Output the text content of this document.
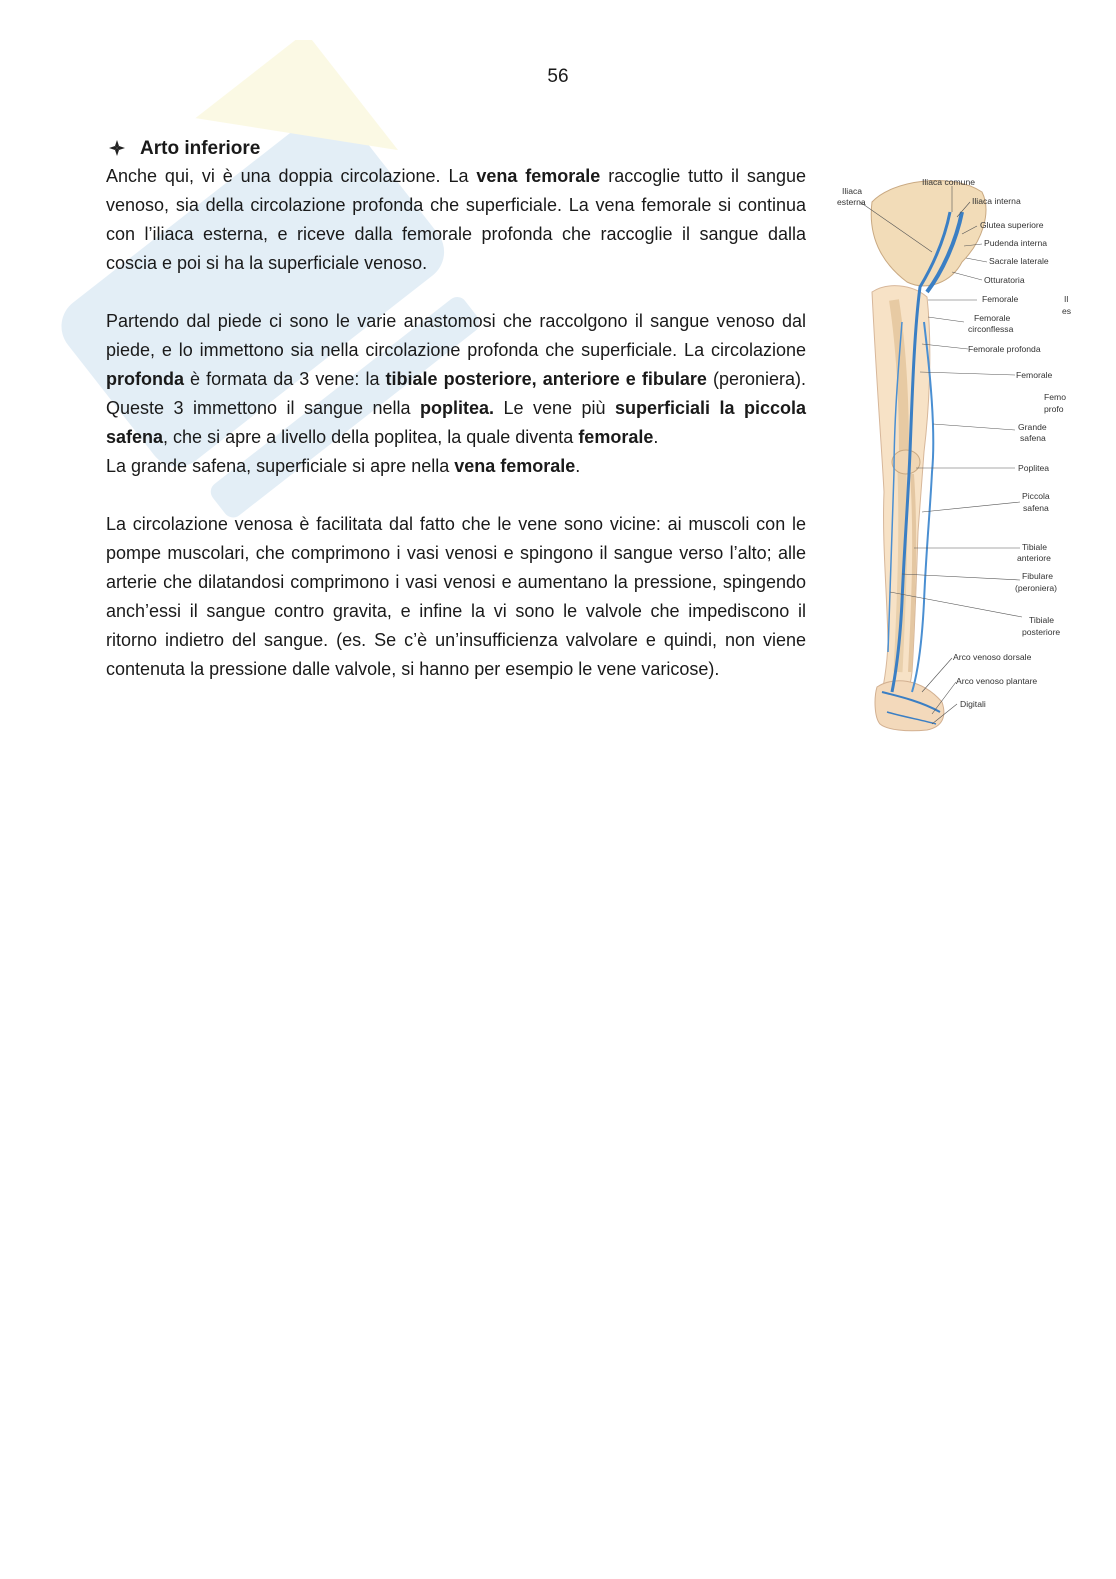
56
Arto inferiore

Anche qui, vi è una doppia circolazione. La vena femorale raccoglie tutto il sangue venoso, sia della circolazione profonda che superficiale. La vena femorale si continua con l’iliaca esterna, e riceve dalla femorale profonda che raccoglie il sangue dalla coscia e poi si ha la superficiale venoso.

Partendo dal piede ci sono le varie anastomosi che raccolgono il sangue venoso dal piede, e lo immettono sia nella circolazione profonda che superficiale. La circolazione profonda è formata da 3 vene: la tibiale posteriore, anteriore e fibulare (peroniera). Queste 3 immettono il sangue nella poplitea. Le vene più superficiali la piccola safena, che si apre a livello della poplitea, la quale diventa femorale.

La grande safena, superficiale si apre nella vena femorale.

La circolazione venosa è facilitata dal fatto che le vene sono vicine: ai muscoli con le pompe muscolari, che comprimono i vasi venosi e spingono il sangue verso l’alto; alle arterie che dilatandosi comprimono i vasi venosi e aumentano la pressione, spingendo anch’essi il sangue contro gravita, e infine la vi sono le valvole che impediscono il ritorno indietro del sangue. (es. Se c’è un’insufficienza valvolare e quindi, non viene contenuta la pressione dalle valvole, si hanno per esempio le vene varicose).

Iliaca
esterna
Iliaca comune
Iliaca interna
Glutea superiore
Pudenda interna
Sacrale laterale
Otturatoria
Femorale
Femorale
circonflessa
Femorale profonda
Femorale
Grande
safena
Poplitea
Piccola
safena
Tibiale
anteriore
Fibulare
(peroniera)
Tibiale
posteriore
Arco venoso dorsale
Arco venoso plantare
Digitali
Il
es
Femo
profo
